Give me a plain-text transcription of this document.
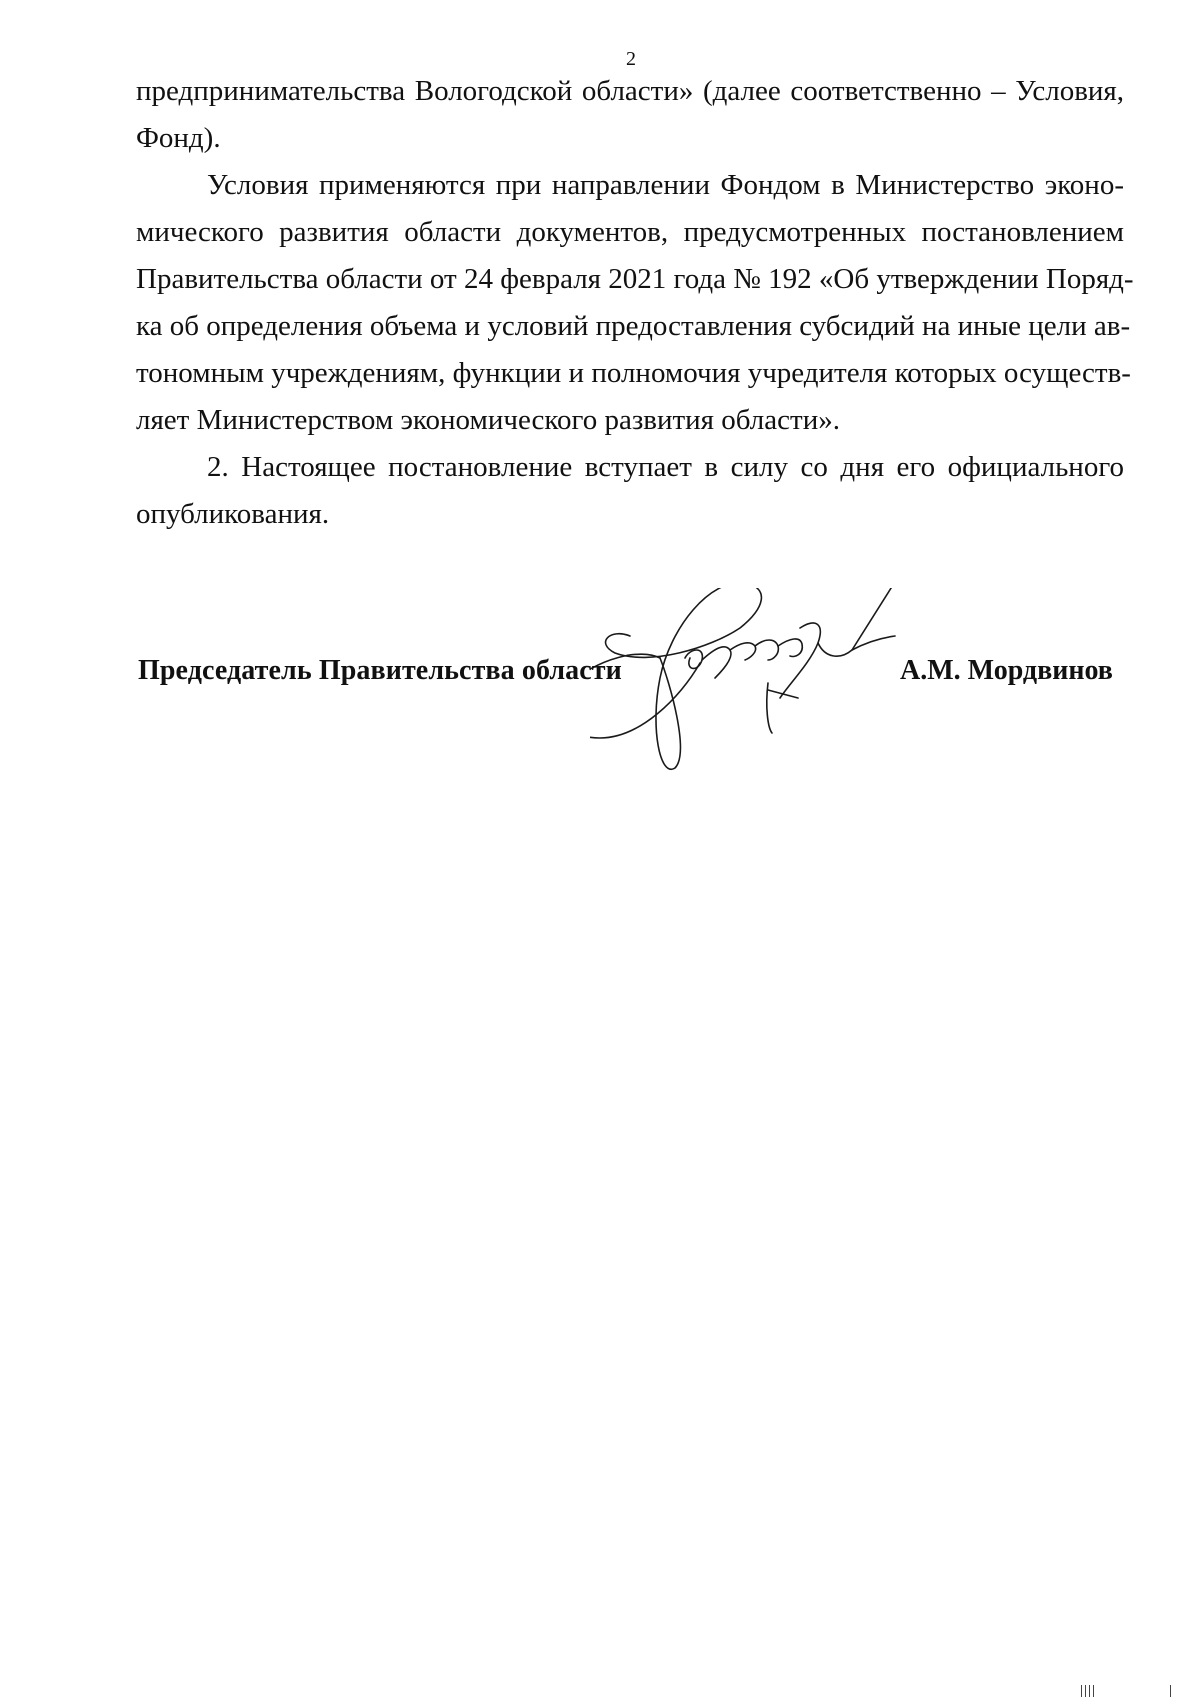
2

предпринимательства Вологодской области» (далее соответственно – Условия,
Фонд).

Условия применяются при направлении Фондом в Министерство эконо-
мического развития области документов, предусмотренных постановлением
Правительства области от 24 февраля 2021 года № 192 «Об утверждении Поряд-
ка об определения объема и условий предоставления субсидий на иные цели ав-
тономным учреждениям, функции и полномочия учредителя которых осуществ-
ляет Министерством экономического развития области».

2. Настоящее постановление вступает в силу со дня его официального
опубликования.

Председатель Правительства области	А.М. Мордвинов
